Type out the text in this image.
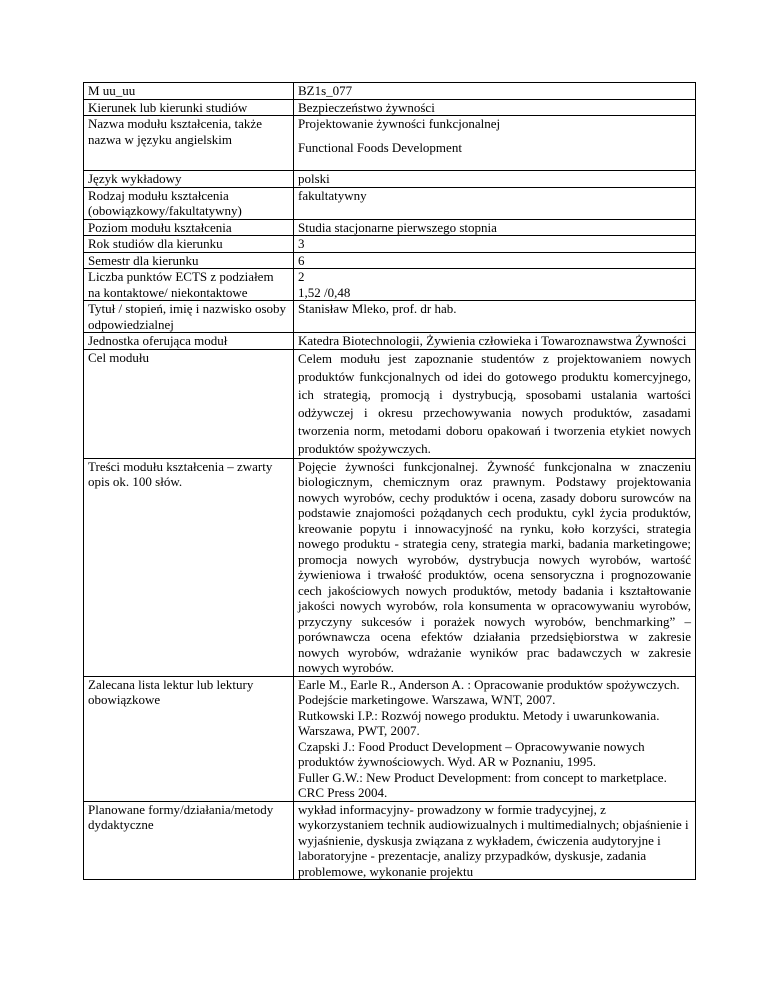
M uu_uu	BZ1s_077
Kierunek lub kierunki studiów	Bezpieczeństwo żywności
Nazwa modułu kształcenia, także nazwa w języku angielskim	Projektowanie żywności funkcjonalnej

Functional Foods Development

Język wykładowy	polski
Rodzaj modułu kształcenia (obowiązkowy/fakultatywny)	fakultatywny
Poziom modułu kształcenia	Studia stacjonarne pierwszego stopnia
Rok studiów dla kierunku	3
Semestr dla kierunku	6
Liczba punktów ECTS z podziałem na kontaktowe/ niekontaktowe	2

1,52 /0,48

Tytuł / stopień, imię i nazwisko osoby odpowiedzialnej	Stanisław Mleko, prof. dr hab.
Jednostka oferująca moduł	Katedra Biotechnologii, Żywienia człowieka i Towaroznawstwa Żywności
Cel modułu	Celem modułu jest zapoznanie studentów z projektowaniem nowych produktów funkcjonalnych od idei do gotowego produktu komercyjnego, ich strategią, promocją i dystrybucją, sposobami ustalania wartości odżywczej i okresu przechowywania nowych produktów, zasadami tworzenia norm, metodami doboru opakowań i tworzenia etykiet nowych produktów spożywczych.
Treści modułu kształcenia – zwarty opis ok. 100 słów.	Pojęcie żywności funkcjonalnej. Żywność funkcjonalna w znaczeniu biologicznym, chemicznym oraz prawnym. Podstawy projektowania nowych wyrobów, cechy produktów i ocena, zasady doboru surowców na podstawie znajomości pożądanych cech produktu, cykl życia produktów, kreowanie popytu i innowacyjność na rynku, koło korzyści, strategia nowego produktu - strategia ceny, strategia marki, badania marketingowe; promocja nowych wyrobów, dystrybucja nowych wyrobów, wartość żywieniowa i trwałość produktów, ocena sensoryczna i prognozowanie cech jakościowych nowych produktów, metody badania i kształtowanie jakości nowych wyrobów, rola konsumenta w opracowywaniu wyrobów, przyczyny sukcesów i porażek nowych wyrobów, benchmarking” – porównawcza ocena efektów działania przedsiębiorstwa w zakresie nowych wyrobów, wdrażanie wyników prac badawczych w zakresie nowych wyrobów.
Zalecana lista lektur lub lektury obowiązkowe	Earle M., Earle R., Anderson A. : Opracowanie produktów spożywczych. Podejście marketingowe. Warszawa, WNT, 2007.

Rutkowski I.P.: Rozwój nowego produktu. Metody i uwarunkowania. Warszawa, PWT, 2007.

Czapski J.: Food Product Development – Opracowywanie nowych produktów żywnościowych. Wyd. AR w Poznaniu, 1995.

Fuller G.W.: New Product Development: from concept to marketplace. CRC Press 2004.

Planowane formy/działania/metody dydaktyczne	wykład informacyjny- prowadzony w formie tradycyjnej, z wykorzystaniem technik audiowizualnych i multimedialnych; objaśnienie i wyjaśnienie, dyskusja związana z wykładem, ćwiczenia audytoryjne i laboratoryjne - prezentacje, analizy przypadków, dyskusje, zadania problemowe, wykonanie projektu
